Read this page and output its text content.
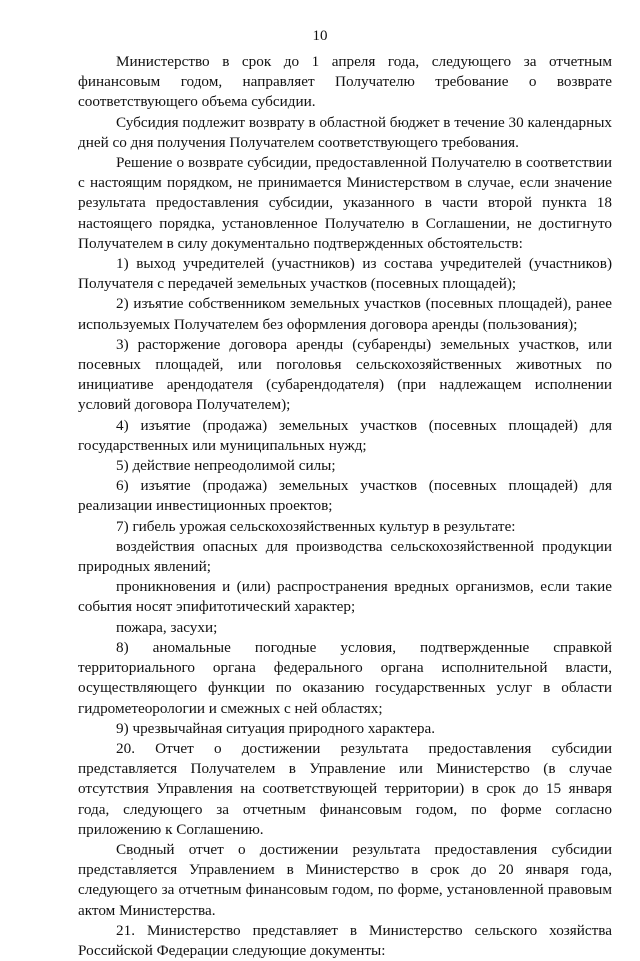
10

Министерство в срок до 1 апреля года, следующего за отчетным финансовым годом, направляет Получателю требование о возврате соответствующего объема субсидии.

Субсидия подлежит возврату в областной бюджет в течение 30 календарных дней со дня получения Получателем соответствующего требования.

Решение о возврате субсидии, предоставленной Получателю в соответствии с настоящим порядком, не принимается Министерством в случае, если значение результата предоставления субсидии, указанного в части второй пункта 18 настоящего порядка, установленное Получателю в Соглашении, не достигнуто Получателем в силу документально подтвержденных обстоятельств:

1) выход учредителей (участников) из состава учредителей (участников) Получателя с передачей земельных участков (посевных площадей);

2) изъятие собственником земельных участков (посевных площадей), ранее используемых Получателем без оформления договора аренды (пользования);

3) расторжение договора аренды (субаренды) земельных участков, или посевных площадей, или поголовья сельскохозяйственных животных по инициативе арендодателя (субарендодателя) (при надлежащем исполнении условий договора Получателем);

4) изъятие (продажа) земельных участков (посевных площадей) для государственных или муниципальных нужд;

5) действие непреодолимой силы;

6) изъятие (продажа) земельных участков (посевных площадей) для реализации инвестиционных проектов;

7) гибель урожая сельскохозяйственных культур в результате:

воздействия опасных для производства сельскохозяйственной продукции природных явлений;

проникновения и (или) распространения вредных организмов, если такие события носят эпифитотический характер;

пожара, засухи;

8) аномальные погодные условия, подтвержденные справкой территориального органа федерального органа исполнительной власти, осуществляющего функции по оказанию государственных услуг в области гидрометеорологии и смежных с ней областях;

9) чрезвычайная ситуация природного характера.

20. Отчет о достижении результата предоставления субсидии представляется Получателем в Управление или Министерство (в случае отсутствия Управления на соответствующей территории) в срок до 15 января года, следующего за отчетным финансовым годом, по форме согласно приложению к Соглашению.

Сводный отчет о достижении результата предоставления субсидии представляется Управлением в Министерство в срок до 20 января года, следующего за отчетным финансовым годом, по форме, установленной правовым актом Министерства.

21. Министерство представляет в Министерство сельского хозяйства Российской Федерации следующие документы:
